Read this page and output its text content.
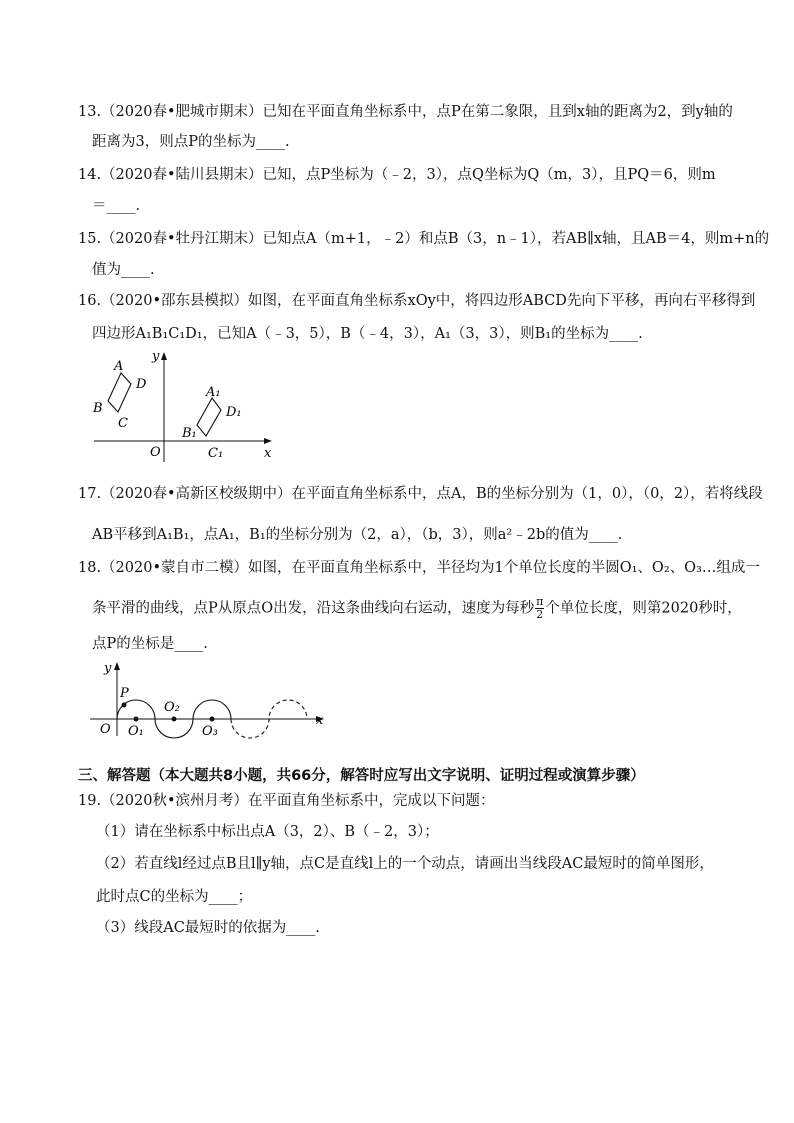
13.（2020春•肥城市期末）已知在平面直角坐标系中，点P在第二象限，且到x轴的距离为2，到y轴的
距离为3，则点P的坐标为____.
14.（2020春•陆川县期末）已知，点P坐标为（﹣2，3），点Q坐标为Q（m，3），且PQ＝6，则m
＝____.
15.（2020春•牡丹江期末）已知点A（m+1，﹣2）和点B（3，n﹣1），若AB∥x轴，且AB＝4，则m+n的
值为____.
16.（2020•邵东县模拟）如图，在平面直角坐标系xOy中，将四边形ABCD先向下平移，再向右平移得到
四边形A₁B₁C₁D₁，已知A（﹣3，5），B（﹣4，3），A₁（3，3），则B₁的坐标为____.
A
D
B
C
A₁
D₁
B₁
C₁
O	x
y
17.（2020春•高新区校级期中）在平面直角坐标系中，点A，B的坐标分别为（1，0），（0，2），若将线段
AB平移到A₁B₁，点A₁，B₁的坐标分别为（2，a），（b，3），则a²﹣2b的值为____.
18.（2020•蒙自市二模）如图，在平面直角坐标系中，半径均为1个单位长度的半圆O₁、O₂、O₃…组成一
条平滑的曲线，点P从原点O出发，沿这条曲线向右运动，速度为每秒 $\frac{\pi}{2}$ 个单位长度，则第2020秒时，
点P的坐标是____.
P
O O₁
O₂
O₃
x
y
三、解答题（本大题共8小题，共66分，解答时应写出文字说明、证明过程或演算步骤）
19.（2020秋•滨州月考）在平面直角坐标系中，完成以下问题：
（1）请在坐标系中标出点A（3，2）、B（﹣2，3）；
（2）若直线l经过点B且l∥y轴，点C是直线l上的一个动点，请画出当线段AC最短时的简单图形，
此时点C的坐标为____；
（3）线段AC最短时的依据为____.
